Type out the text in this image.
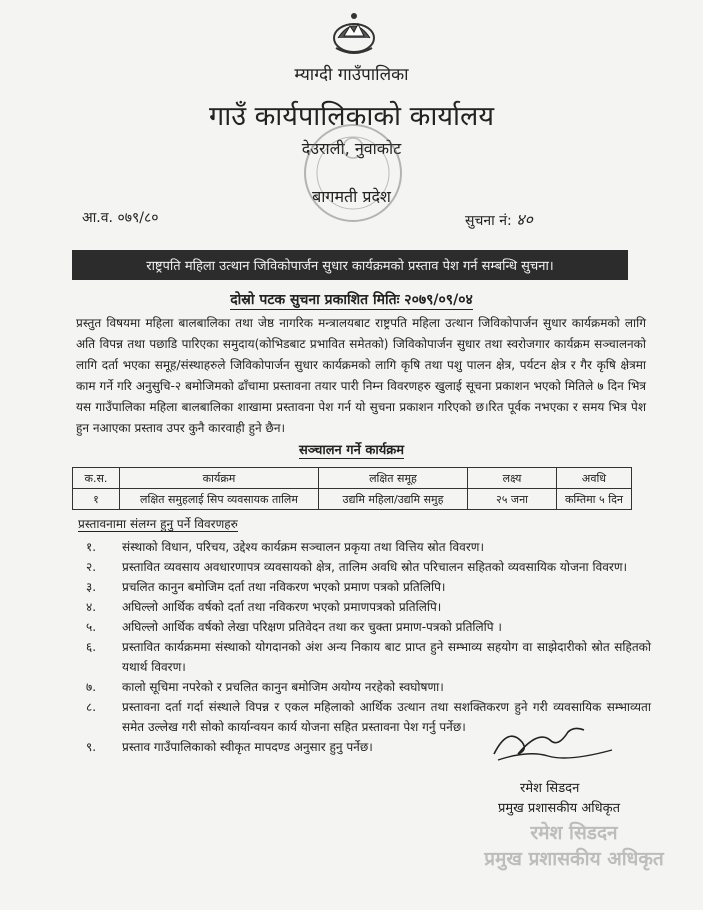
म्याग्दी गाउँपालिका
गाउँ कार्यपालिकाको कार्यालय
देउराली, नुवाकोट
बागमती प्रदेश
आ.व. ०७९/८०	सुचना नं: ४०
राष्ट्रपति महिला उत्थान जिविकोपार्जन सुधार कार्यक्रमको प्रस्ताव पेश गर्न सम्बन्धि सुचना।
दोस्रो पटक सुचना प्रकाशित मितिः २०७९/०९/०४
प्रस्तुत विषयमा महिला बालबालिका तथा जेष्ठ नागरिक मन्त्रालयबाट राष्ट्रपति महिला उत्थान जिविकोपार्जन सुधार कार्यक्रमको लागि अति विपन्न तथा पछाडि पारिएका समुदाय(कोभिडबाट प्रभावित समेतको) जिविकोपार्जन सुधार तथा स्वरोजगार कार्यक्रम सञ्चालनको लागि दर्ता भएका समूह/संस्थाहरुले जिविकोपार्जन सुधार कार्यक्रमको लागि कृषि तथा पशु पालन क्षेत्र, पर्यटन क्षेत्र र गैर कृषि क्षेत्रमा काम गर्ने गरि अनुसुचि-२ बमोजिमको ढाँचामा प्रस्तावना तयार पारी निम्न विवरणहरु खुलाई सूचना प्रकाशन भएको मितिले ७ दिन भित्र यस गाउँपालिका महिला बालबालिका शाखामा प्रस्तावना पेश गर्न यो सुचना प्रकाशन गरिएको छ।रित पूर्वक नभएका र समय भित्र पेश हुन नआएका प्रस्ताव उपर कुनै कारवाही हुने छैन।
सञ्चालन गर्ने कार्यक्रम
क.स.	कार्यक्रम	लक्षित समूह	लक्ष्य	अवधि
१	लक्षित समुहलाई सिप व्यवसायक तालिम	उद्यमि महिला/उद्यमि समुह	२५ जना	कम्तिमा ५ दिन
प्रस्तावनामा संलग्न हुनु पर्ने विवरणहरु
१.	संस्थाको विधान, परिचय, उद्देश्य कार्यक्रम सञ्चालन प्रकृया तथा वित्तिय स्रोत विवरण।
२.	प्रस्तावित व्यवसाय अवधारणापत्र व्यवसायको क्षेत्र, तालिम अवधि स्रोत परिचालन सहितको व्यवसायिक योजना विवरण।
३.	प्रचलित कानुन बमोजिम दर्ता तथा नविकरण भएको प्रमाण पत्रको प्रतिलिपि।
४.	अघिल्लो आर्थिक वर्षको दर्ता तथा नविकरण भएको प्रमाणपत्रको प्रतिलिपि।
५.	अघिल्लो आर्थिक वर्षको लेखा परिक्षण प्रतिवेदन तथा कर चुक्ता प्रमाण-पत्रको प्रतिलिपि ।
६.	प्रस्तावित कार्यक्रममा संस्थाको योगदानको अंश अन्य निकाय बाट प्राप्त हुने सम्भाव्य सहयोग वा साझेदारीको स्रोत सहितको यथार्थ विवरण।
७.	कालो सूचिमा नपरेको र प्रचलित कानुन बमोजिम अयोग्य नरहेको स्वघोषणा।
८.	प्रस्तावना दर्ता गर्दा संस्थाले विपन्न र एकल महिलाको आर्थिक उत्थान तथा सशक्तिकरण हुने गरी व्यवसायिक सम्भाव्यता समेत उल्लेख गरी सोको कार्यान्वयन कार्य योजना सहित प्रस्तावना पेश गर्नु पर्नेछ।
९.	प्रस्ताव गाउँपालिकाको स्वीकृत मापदण्ड अनुसार हुनु पर्नेछ।
रमेश सिडदन
प्रमुख प्रशासकीय अधिकृत
रमेश सिडदन
प्रमुख प्रशासकीय अधिकृत
